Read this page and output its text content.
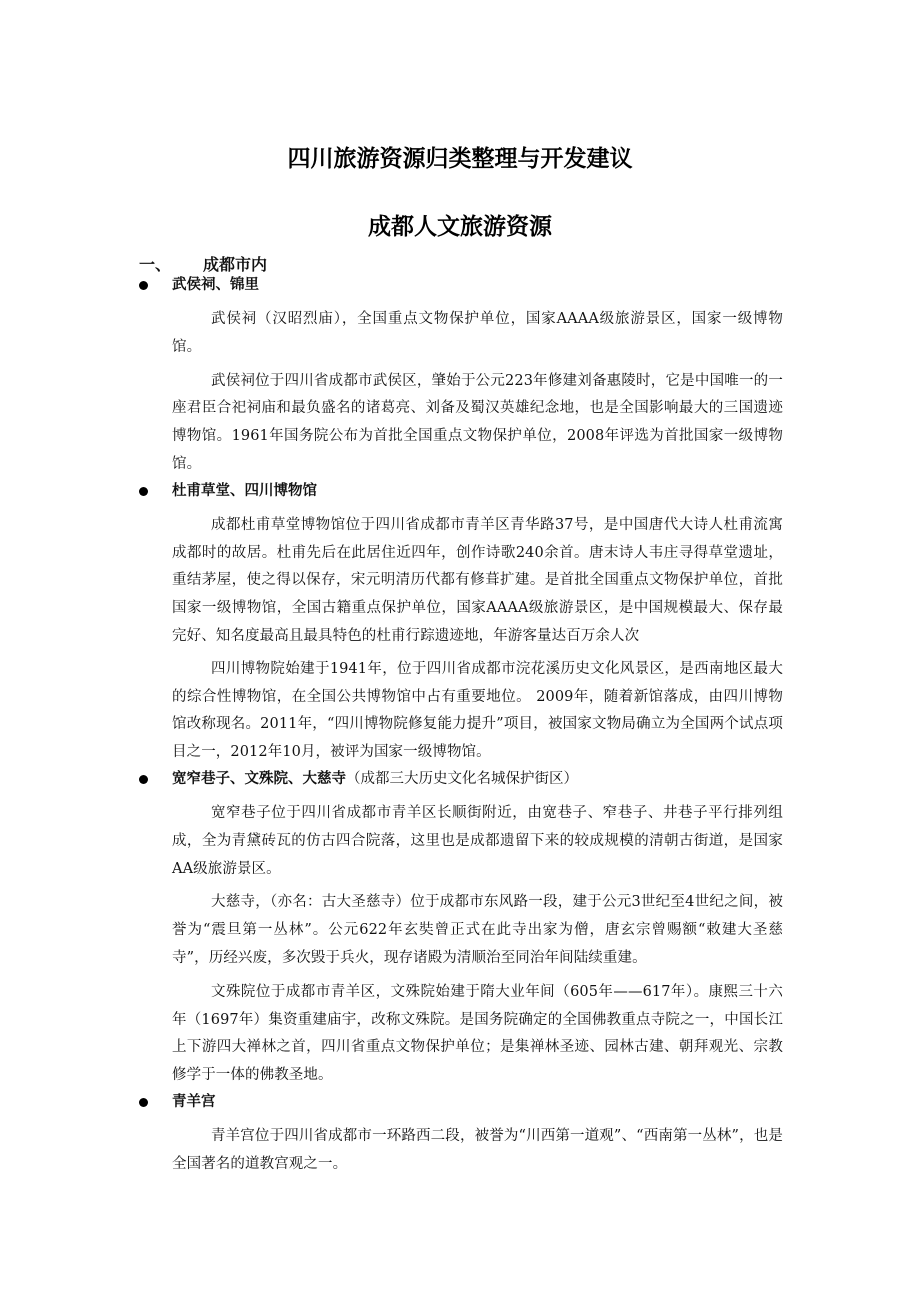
四川旅游资源归类整理与开发建议
成都人文旅游资源
一、 成都市内
武侯祠、锦里

武侯祠（汉昭烈庙），全国重点文物保护单位，国家AAAA级旅游景区，国家一级博物馆。

武侯祠位于四川省成都市武侯区，肇始于公元223年修建刘备惠陵时，它是中国唯一的一座君臣合祀祠庙和最负盛名的诸葛亮、刘备及蜀汉英雄纪念地，也是全国影响最大的三国遗迹博物馆。1961年国务院公布为首批全国重点文物保护单位，2008年评选为首批国家一级博物馆。

杜甫草堂、四川博物馆

成都杜甫草堂博物馆位于四川省成都市青羊区青华路37号，是中国唐代大诗人杜甫流寓成都时的故居。杜甫先后在此居住近四年，创作诗歌240余首。唐末诗人韦庄寻得草堂遗址，重结茅屋，使之得以保存，宋元明清历代都有修葺扩建。是首批全国重点文物保护单位，首批国家一级博物馆，全国古籍重点保护单位，国家AAAA级旅游景区，是中国规模最大、保存最完好、知名度最高且最具特色的杜甫行踪遗迹地，年游客量达百万余人次

四川博物院始建于1941年，位于四川省成都市浣花溪历史文化风景区，是西南地区最大的综合性博物馆，在全国公共博物馆中占有重要地位。 2009年，随着新馆落成，由四川博物馆改称现名。2011年，“四川博物院修复能力提升”项目，被国家文物局确立为全国两个试点项目之一，2012年10月，被评为国家一级博物馆。

宽窄巷子、文殊院、大慈寺（成都三大历史文化名城保护街区）

宽窄巷子位于四川省成都市青羊区长顺街附近，由宽巷子、窄巷子、井巷子平行排列组成，全为青黛砖瓦的仿古四合院落，这里也是成都遗留下来的较成规模的清朝古街道，是国家AA级旅游景区。

大慈寺，（亦名：古大圣慈寺）位于成都市东风路一段，建于公元3世纪至4世纪之间，被誉为“震旦第一丛林”。公元622年玄奘曾正式在此寺出家为僧，唐玄宗曾赐额“敕建大圣慈寺”，历经兴废，多次毁于兵火，现存诸殿为清顺治至同治年间陆续重建。

文殊院位于成都市青羊区，文殊院始建于隋大业年间（605年——617年）。康熙三十六年（1697年）集资重建庙宇，改称文殊院。是国务院确定的全国佛教重点寺院之一，中国长江上下游四大禅林之首，四川省重点文物保护单位；是集禅林圣迹、园林古建、朝拜观光、宗教修学于一体的佛教圣地。

青羊宫

青羊宫位于四川省成都市一环路西二段，被誉为“川西第一道观”、“西南第一丛林”，也是全国著名的道教宫观之一。
